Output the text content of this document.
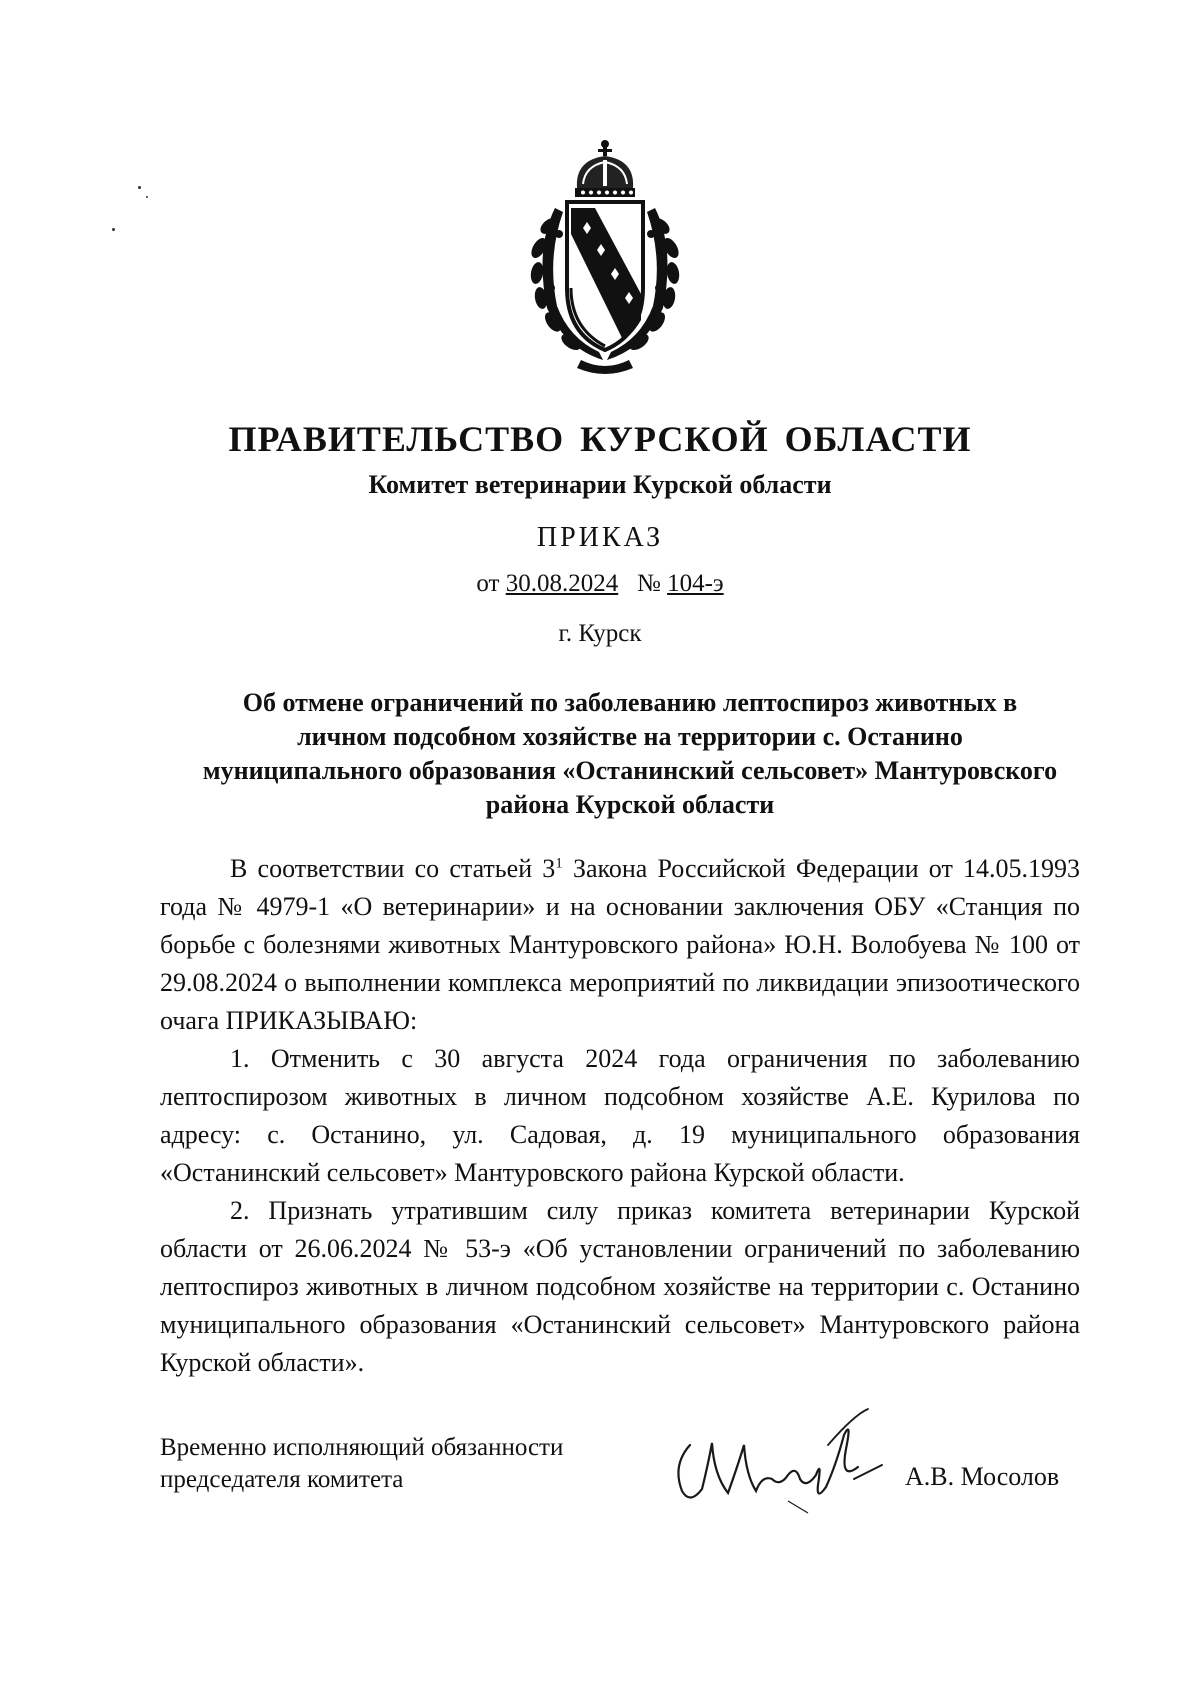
ПРАВИТЕЛЬСТВО КУРСКОЙ ОБЛАСТИ
Комитет ветеринарии Курской области
ПРИКАЗ
от 30.08.2024 № 104-э
г. Курск
Об отмене ограничений по заболеванию лептоспироз животных в личном подсобном хозяйстве на территории с. Останино муниципального образования «Останинский сельсовет» Мантуровского района Курской области

В соответствии со статьей $3^1$ Закона Российской Федерации от 14.05.1993 года № 4979-1 «О ветеринарии» и на основании заключения ОБУ «Станция по борьбе с болезнями животных Мантуровского района» Ю.Н. Волобуева № 100 от 29.08.2024 о выполнении комплекса мероприятий по ликвидации эпизоотического очага ПРИКАЗЫВАЮ:

1. Отменить с 30 августа 2024 года ограничения по заболеванию лептоспирозом животных в личном подсобном хозяйстве А.Е. Курилова по адресу: с. Останино, ул. Садовая, д. 19 муниципального образования «Останинский сельсовет» Мантуровского района Курской области.

2. Признать утратившим силу приказ комитета ветеринарии Курской области от 26.06.2024 № 53-э «Об установлении ограничений по заболеванию лептоспироз животных в личном подсобном хозяйстве на территории с. Останино муниципального образования «Останинский сельсовет» Мантуровского района Курской области».

Временно исполняющий обязанности
председателя комитета	А.В. Мосолов
